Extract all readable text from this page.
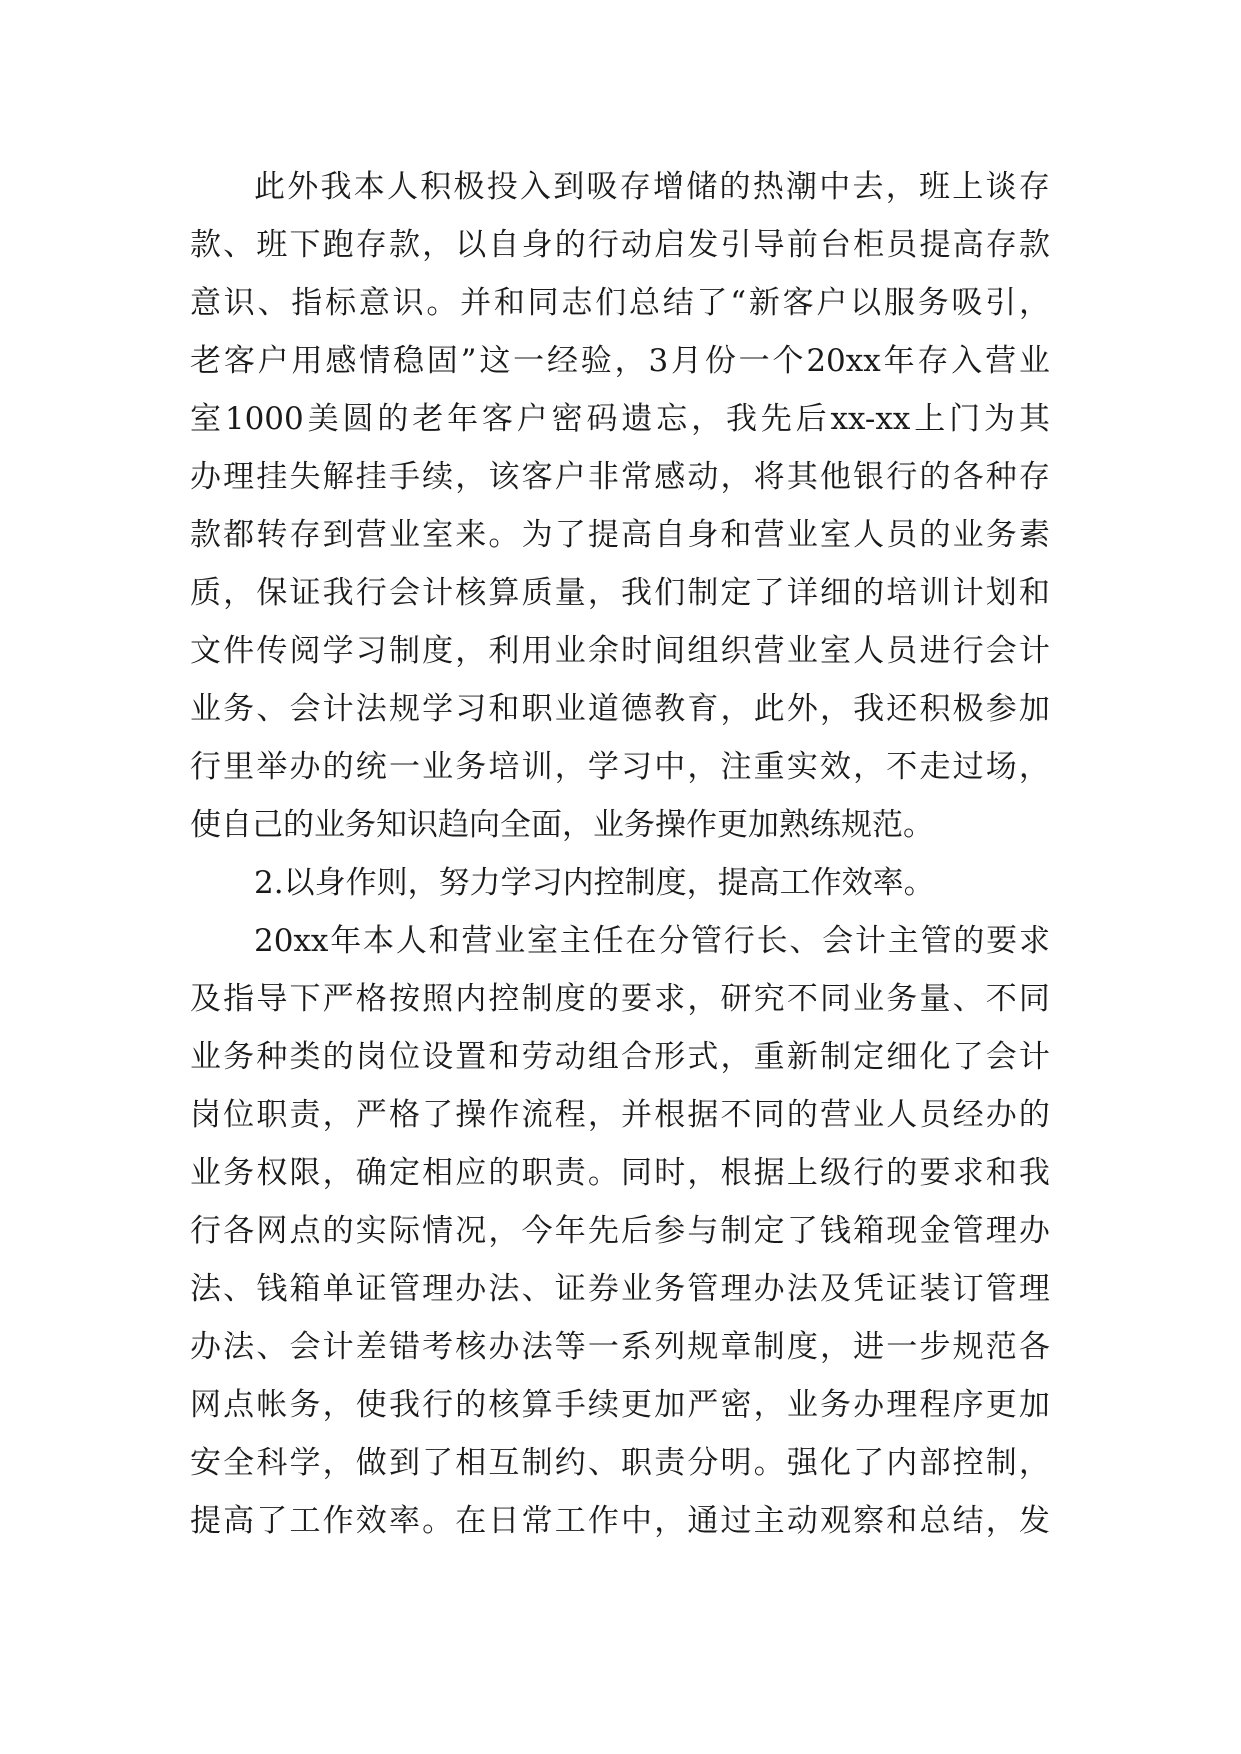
此 外 我 本 人 积 极 投 入 到 吸 存 增 储 的 热 潮 中 去 ， 班 上 谈 存
款 、 班 下 跑 存 款 ， 以 自 身 的 行 动 启 发 引 导 前 台 柜 员 提 高 存 款
意 识 、 指 标 意 识 。 并 和 同 志 们 总 结 了 “ 新 客 户 以 服 务 吸 引 ，
老 客 户 用 感 情 稳 固 ” 这 一 经 验 ， 3 月 份 一 个 20xx 年 存 入 营 业
室 1000 美 圆 的 老 年 客 户 密 码 遗 忘 ， 我 先 后 xx-xx 上 门 为 其
办 理 挂 失 解 挂 手 续 ， 该 客 户 非 常 感 动 ， 将 其 他 银 行 的 各 种 存
款 都 转 存 到 营 业 室 来 。 为 了 提 高 自 身 和 营 业 室 人 员 的 业 务 素
质 ， 保 证 我 行 会 计 核 算 质 量 ， 我 们 制 定 了 详 细 的 培 训 计 划 和
文 件 传 阅 学 习 制 度 ， 利 用 业 余 时 间 组 织 营 业 室 人 员 进 行 会 计
业 务 、 会 计 法 规 学 习 和 职 业 道 德 教 育 ， 此 外 ， 我 还 积 极 参 加
行 里 举 办 的 统 一 业 务 培 训 ， 学 习 中 ， 注 重 实 效 ， 不 走 过 场 ，
使自己的业务知识趋向全面，业务操作更加熟练规范。
2.以身作则，努力学习内控制度，提高工作效率。
20xx 年 本 人 和 营 业 室 主 任 在 分 管 行 长 、 会 计 主 管 的 要 求
及 指 导 下 严 格 按 照 内 控 制 度 的 要 求 ， 研 究 不 同 业 务 量 、 不 同
业 务 种 类 的 岗 位 设 置 和 劳 动 组 合 形 式 ， 重 新 制 定 细 化 了 会 计
岗 位 职 责 ， 严 格 了 操 作 流 程 ， 并 根 据 不 同 的 营 业 人 员 经 办 的
业 务 权 限 ， 确 定 相 应 的 职 责 。 同 时 ， 根 据 上 级 行 的 要 求 和 我
行 各 网 点 的 实 际 情 况 ， 今 年 先 后 参 与 制 定 了 钱 箱 现 金 管 理 办
法 、 钱 箱 单 证 管 理 办 法 、 证 券 业 务 管 理 办 法 及 凭 证 装 订 管 理
办 法 、 会 计 差 错 考 核 办 法 等 一 系 列 规 章 制 度 ， 进 一 步 规 范 各
网 点 帐 务 ， 使 我 行 的 核 算 手 续 更 加 严 密 ， 业 务 办 理 程 序 更 加
安 全 科 学 ， 做 到 了 相 互 制 约 、 职 责 分 明 。 强 化 了 内 部 控 制 ，
提 高 了 工 作 效 率 。 在 日 常 工 作 中 ， 通 过 主 动 观 察 和 总 结 ， 发
